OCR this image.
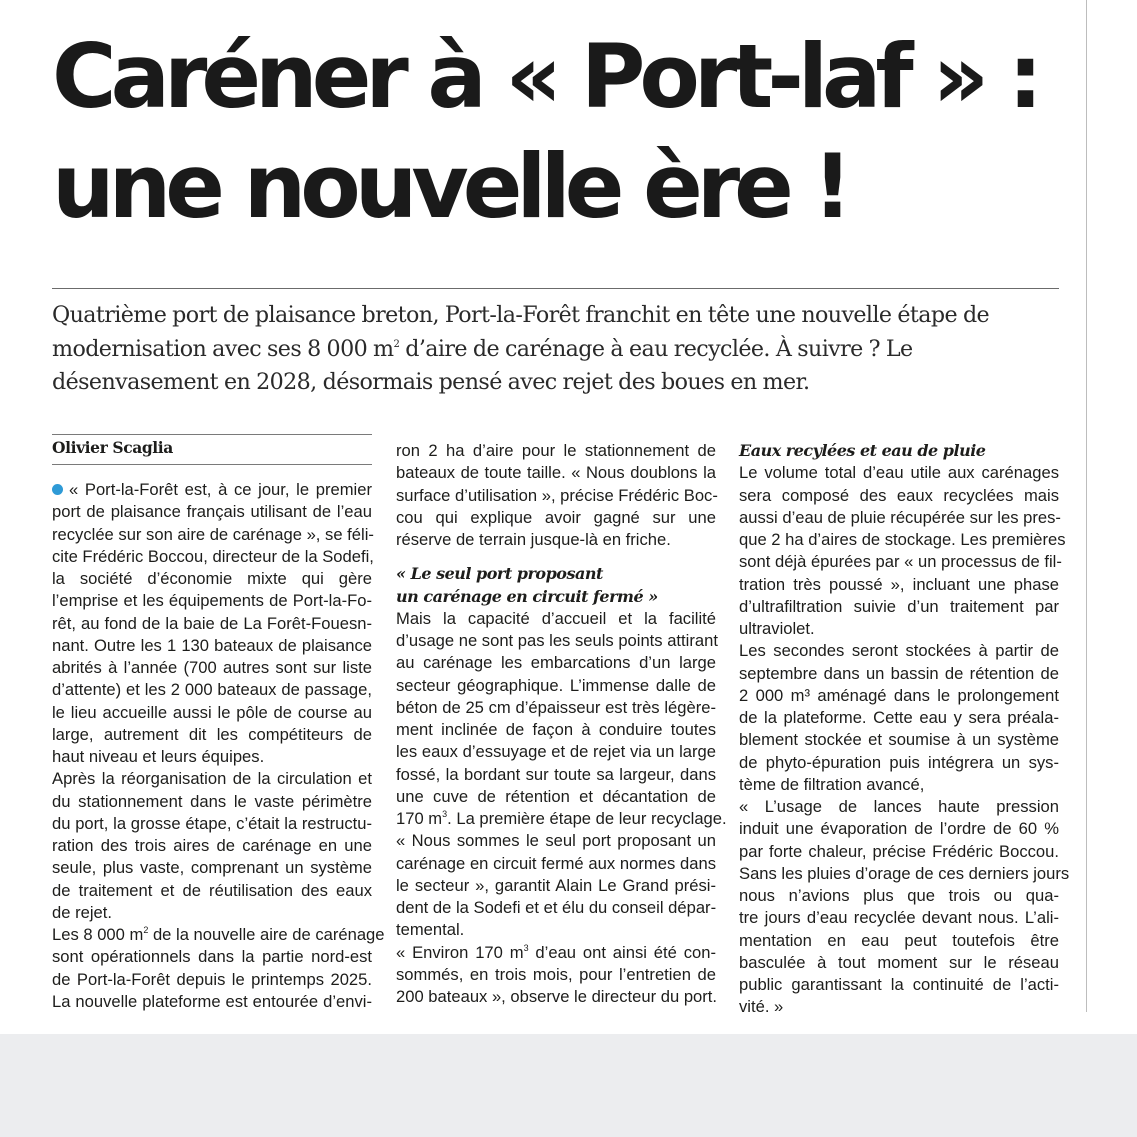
Caréner à « Port-laf » :
une nouvelle ère !

Quatrième port de plaisance breton, Port-la-Forêt franchit en tête une nouvelle étape de
modernisation avec ses 8 000 $m^2$ d’aire de carénage à eau recyclée. À suivre ? Le
désenvasement en 2028, désormais pensé avec rejet des boues en mer.

Olivier Scaglia
« Port-la-Forêt est, à ce jour, le premier
port de plaisance français utilisant de l’eau
recyclée sur son aire de carénage », se féli-
cite Frédéric Boccou, directeur de la Sodefi,
la société d’économie mixte qui gère
l’emprise et les équipements de Port-la-Fo-
rêt, au fond de la baie de La Forêt-Fouesn-
nant. Outre les 1 130 bateaux de plaisance
abrités à l’année (700 autres sont sur liste
d’attente) et les 2 000 bateaux de passage,
le lieu accueille aussi le pôle de course au
large, autrement dit les compétiteurs de
haut niveau et leurs équipes.
Après la réorganisation de la circulation et
du stationnement dans le vaste périmètre
du port, la grosse étape, c’était la restructu-
ration des trois aires de carénage en une
seule, plus vaste, comprenant un système
de traitement et de réutilisation des eaux
de rejet.
Les 8 000 $m^2$ de la nouvelle aire de carénage
sont opérationnels dans la partie nord-est
de Port-la-Forêt depuis le printemps 2025.
La nouvelle plateforme est entourée d’envi-
ron 2 ha d’aire pour le stationnement de
bateaux de toute taille. « Nous doublons la
surface d’utilisation », précise Frédéric Boc-
cou qui explique avoir gagné sur une
réserve de terrain jusque-là en friche.
« Le seul port proposant
un carénage en circuit fermé »
Mais la capacité d’accueil et la facilité
d’usage ne sont pas les seuls points attirant
au carénage les embarcations d’un large
secteur géographique. L’immense dalle de
béton de 25 cm d’épaisseur est très légère-
ment inclinée de façon à conduire toutes
les eaux d’essuyage et de rejet via un large
fossé, la bordant sur toute sa largeur, dans
une cuve de rétention et décantation de
170 $m^3$. La première étape de leur recyclage.
« Nous sommes le seul port proposant un
carénage en circuit fermé aux normes dans
le secteur », garantit Alain Le Grand prési-
dent de la Sodefi et et élu du conseil dépar-
temental.
« Environ 170 $m^3$ d’eau ont ainsi été con-
sommés, en trois mois, pour l’entretien de
200 bateaux », observe le directeur du port.
Eaux recylées et eau de pluie
Le volume total d’eau utile aux carénages
sera composé des eaux recyclées mais
aussi d’eau de pluie récupérée sur les pres-
que 2 ha d’aires de stockage. Les premières
sont déjà épurées par « un processus de fil-
tration très poussé », incluant une phase
d’ultrafiltration suivie d’un traitement par
ultraviolet.
Les secondes seront stockées à partir de
septembre dans un bassin de rétention de
2 000 m³ aménagé dans le prolongement
de la plateforme. Cette eau y sera préala-
blement stockée et soumise à un système
de phyto-épuration puis intégrera un sys-
tème de filtration avancé,
« L’usage de lances haute pression
induit une évaporation de l’ordre de 60 %
par forte chaleur, précise Frédéric Boccou.
Sans les pluies d’orage de ces derniers jours
nous n’avions plus que trois ou qua-
tre jours d’eau recyclée devant nous. L’ali-
mentation en eau peut toutefois être
basculée à tout moment sur le réseau
public garantissant la continuité de l’acti-
vité. »
